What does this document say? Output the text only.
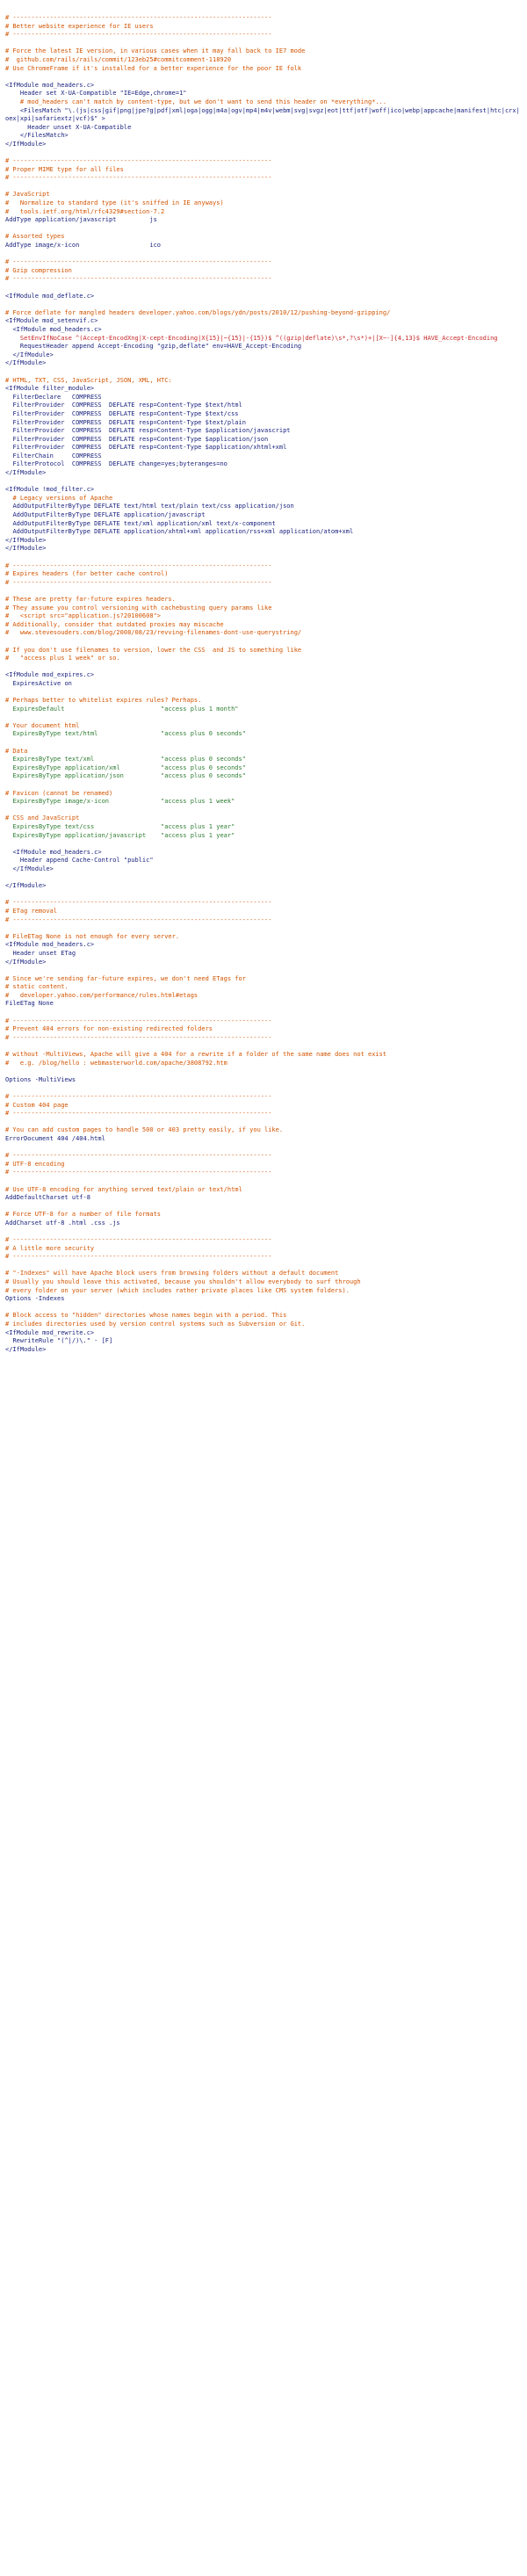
# ----------------------------------------------------------------------
# Better website experience for IE users
# ----------------------------------------------------------------------
# Force the latest IE version, in various cases when it may fall back to IE7 mode
#  github.com/rails/rails/commit/123eb25#commitcomment-118920
# Use ChromeFrame if it's installed for a better experience for the poor IE folk
<IfModule mod_headers.c>
Header set X-UA-Compatible "IE=Edge,chrome=1"
# mod_headers can't match by content-type, but we don't want to send this header on *everything*...
<FilesMatch "\.(js|css|gif|png|jpe?g|pdf|xml|oga|ogg|m4a|ogv|mp4|m4v|webm|svg|svgz|eot|ttf|otf|woff|ico|webp|appcache|manifest|htc|crx|oex|xpi|safariextz|vcf)$" >
Header unset X-UA-Compatible
</FilesMatch>
</IfModule>
# ----------------------------------------------------------------------
# Proper MIME type for all files
# ----------------------------------------------------------------------
# JavaScript
#   Normalize to standard type (it's sniffed in IE anyways)
#   tools.ietf.org/html/rfc4329#section-7.2
AddType application/javascript         js
# Assorted types
AddType image/x-icon                   ico
# ----------------------------------------------------------------------
# Gzip compression
# ----------------------------------------------------------------------
<IfModule mod_deflate.c>
# Force deflate for mangled headers developer.yahoo.com/blogs/ydn/posts/2010/12/pushing-beyond-gzipping/
<IfModule mod_setenvif.c>
<IfModule mod_headers.c>
SetEnvIfNoCase ^(Accept-EncodXng|X-cept-Encoding|X{15}|~{15}|-{15})$ ^((gzip|deflate)\s*,?\s*)+|[X~-]{4,13}$ HAVE_Accept-Encoding
RequestHeader append Accept-Encoding "gzip,deflate" env=HAVE_Accept-Encoding
</IfModule>
</IfModule>
# HTML, TXT, CSS, JavaScript, JSON, XML, HTC:
<IfModule filter_module>
FilterDeclare   COMPRESS
FilterProvider  COMPRESS  DEFLATE resp=Content-Type $text/html
FilterProvider  COMPRESS  DEFLATE resp=Content-Type $text/css
FilterProvider  COMPRESS  DEFLATE resp=Content-Type $text/plain
FilterProvider  COMPRESS  DEFLATE resp=Content-Type $application/javascript
FilterProvider  COMPRESS  DEFLATE resp=Content-Type $application/json
FilterProvider  COMPRESS  DEFLATE resp=Content-Type $application/xhtml+xml
FilterChain     COMPRESS
FilterProtocol  COMPRESS  DEFLATE change=yes;byteranges=no
</IfModule>
<IfModule !mod_filter.c>
# Legacy versions of Apache
AddOutputFilterByType DEFLATE text/html text/plain text/css application/json
AddOutputFilterByType DEFLATE application/javascript
AddOutputFilterByType DEFLATE text/xml application/xml text/x-component
AddOutputFilterByType DEFLATE application/xhtml+xml application/rss+xml application/atom+xml
</IfModule>
</IfModule>
# ----------------------------------------------------------------------
# Expires headers (for better cache control)
# ----------------------------------------------------------------------
# These are pretty far-future expires headers.
# They assume you control versioning with cachebusting query params like
#   <script src="application.js?20100608">
# Additionally, consider that outdated proxies may miscache
#   www.stevesouders.com/blog/2008/08/23/revving-filenames-dont-use-querystring/
# If you don't use filenames to version, lower the CSS  and JS to something like
#   "access plus 1 week" or so.
<IfModule mod_expires.c>
ExpiresActive on
# Perhaps better to whitelist expires rules? Perhaps.
ExpiresDefault                          "access plus 1 month"
# Your document html
ExpiresByType text/html                 "access plus 0 seconds"
# Data
ExpiresByType text/xml                  "access plus 0 seconds"
ExpiresByType application/xml           "access plus 0 seconds"
ExpiresByType application/json          "access plus 0 seconds"
# Favicon (cannot be renamed)
ExpiresByType image/x-icon              "access plus 1 week"
# CSS and JavaScript
ExpiresByType text/css                  "access plus 1 year"
ExpiresByType application/javascript    "access plus 1 year"
<IfModule mod_headers.c>
Header append Cache-Control "public"
</IfModule>
</IfModule>
# ----------------------------------------------------------------------
# ETag removal
# ----------------------------------------------------------------------
# FileETag None is not enough for every server.
<IfModule mod_headers.c>
Header unset ETag
</IfModule>
# Since we're sending far-future expires, we don't need ETags for
# static content.
#   developer.yahoo.com/performance/rules.html#etags
FileETag None
# ----------------------------------------------------------------------
# Prevent 404 errors for non-existing redirected folders
# ----------------------------------------------------------------------
# without -MultiViews, Apache will give a 404 for a rewrite if a folder of the same name does not exist
#   e.g. /blog/hello : webmasterworld.com/apache/3808792.htm
Options -MultiViews
# ----------------------------------------------------------------------
# Custom 404 page
# ----------------------------------------------------------------------
# You can add custom pages to handle 500 or 403 pretty easily, if you like.
ErrorDocument 404 /404.html
# ----------------------------------------------------------------------
# UTF-8 encoding
# ----------------------------------------------------------------------
# Use UTF-8 encoding for anything served text/plain or text/html
AddDefaultCharset utf-8
# Force UTF-8 for a number of file formats
AddCharset utf-8 .html .css .js
# ----------------------------------------------------------------------
# A little more security
# ----------------------------------------------------------------------
# "-Indexes" will have Apache block users from browsing folders without a default document
# Usually you should leave this activated, because you shouldn't allow everybody to surf through
# every folder on your server (which includes rather private places like CMS system folders).
Options -Indexes
# Block access to "hidden" directories whose names begin with a period. This
# includes directories used by version control systems such as Subversion or Git.
<IfModule mod_rewrite.c>
RewriteRule "(^|/)\." - [F]
</IfModule>
